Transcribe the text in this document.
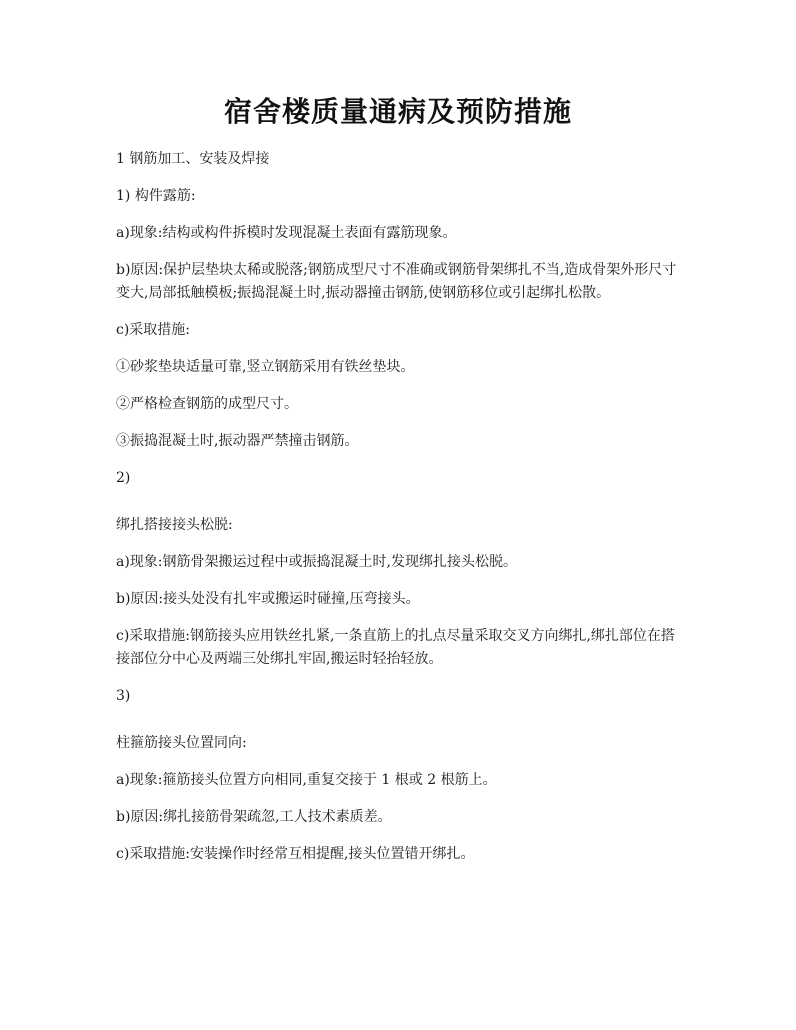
宿舍楼质量通病及预防措施

1 钢筋加工、安装及焊接

1) 构件露筋:

a)现象:结构或构件拆模时发现混凝土表面有露筋现象。

b)原因:保护层垫块太稀或脱落;钢筋成型尺寸不准确或钢筋骨架绑扎不当,造成骨架外形尺寸变大,局部抵触模板;振捣混凝土时,振动器撞击钢筋,使钢筋移位或引起绑扎松散。

c)采取措施:

①砂浆垫块适量可靠,竖立钢筋采用有铁丝垫块。

②严格检查钢筋的成型尺寸。

③振捣混凝土时,振动器严禁撞击钢筋。

2)

绑扎搭接接头松脱:

a)现象:钢筋骨架搬运过程中或振捣混凝土时,发现绑扎接头松脱。

b)原因:接头处没有扎牢或搬运时碰撞,压弯接头。

c)采取措施:钢筋接头应用铁丝扎紧,一条直筋上的扎点尽量采取交叉方向绑扎,绑扎部位在搭接部位分中心及两端三处绑扎牢固,搬运时轻抬轻放。

3)

柱箍筋接头位置同向:

a)现象:箍筋接头位置方向相同,重复交接于 1 根或 2 根筋上。

b)原因:绑扎接筋骨架疏忽,工人技术素质差。

c)采取措施:安装操作时经常互相提醒,接头位置错开绑扎。
